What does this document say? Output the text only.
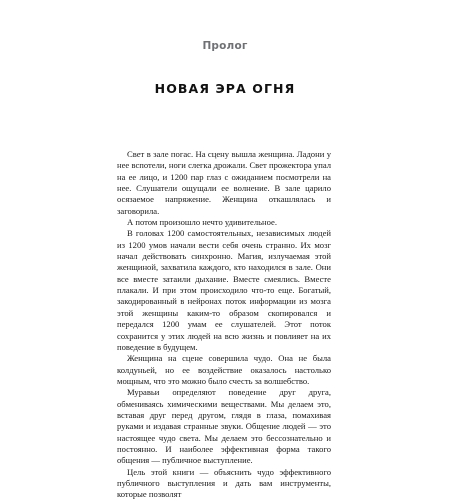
Пролог
НОВАЯ ЭРА ОГНЯ

Свет в зале погас. На сцену вышла женщина. Ладони у нее вспотели, ноги слегка дрожали. Свет прожектора упал на ее лицо, и 1200 пар глаз с ожиданием посмотрели на нее. Слушатели ощущали ее волнение. В зале царило осязаемое напряжение. Женщина откашлялась и заговорила.

А потом произошло нечто удивительное.

В головах 1200 самостоятельных, независимых людей из 1200 умов начали вести себя очень странно. Их мозг начал действовать синхронно. Магия, излучаемая этой женщиной, захватила каждого, кто находился в зале. Они все вместе затаили дыхание. Вместе смеялись. Вместе плакали. И при этом происходило что-то еще. Богатый, закодированный в нейронах поток информации из мозга этой женщины каким-то образом скопировался и передался 1200 умам ее слушателей. Этот поток сохранится у этих людей на всю жизнь и повлияет на их поведение в будущем.

Женщина на сцене совершила чудо. Она не была колдуньей, но ее воздействие оказалось настолько мощным, что это можно было счесть за волшебство.

Муравьи определяют поведение друг друга, обмениваясь химическими веществами. Мы делаем это, вставая друг перед другом, глядя в глаза, помахивая руками и издавая странные звуки. Общение людей — это настоящее чудо света. Мы делаем это бессознательно и постоянно. И наиболее эффективная форма такого общения — публичное выступление.

Цель этой книги — объяснить чудо эффективного публичного выступления и дать вам инструменты, которые позволят
